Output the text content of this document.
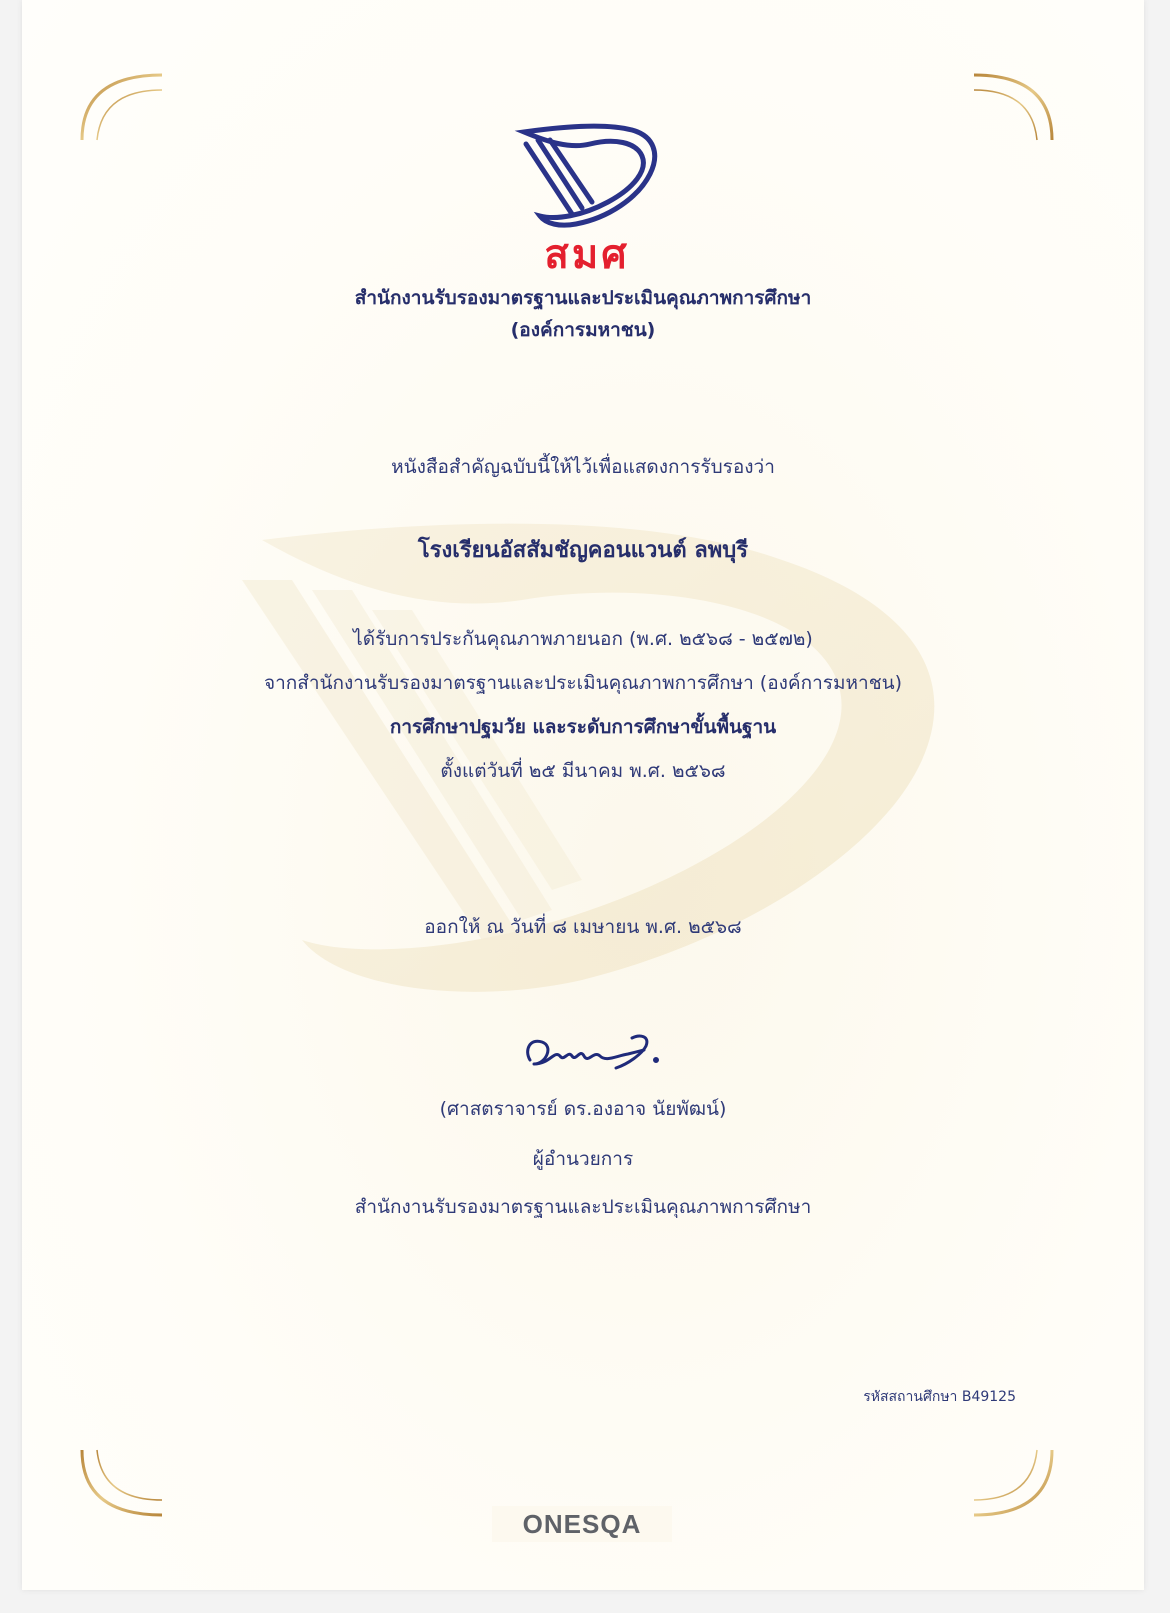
สมศ
สำนักงานรับรองมาตรฐานและประเมินคุณภาพการศึกษา
(องค์การมหาชน)
หนังสือสำคัญฉบับนี้ให้ไว้เพื่อแสดงการรับรองว่า
โรงเรียนอัสสัมชัญคอนแวนต์ ลพบุรี
ได้รับการประกันคุณภาพภายนอก (พ.ศ. ๒๕๖๘ - ๒๕๗๒)
จากสำนักงานรับรองมาตรฐานและประเมินคุณภาพการศึกษา (องค์การมหาชน)
การศึกษาปฐมวัย และระดับการศึกษาขั้นพื้นฐาน
ตั้งแต่วันที่ ๒๕ มีนาคม พ.ศ. ๒๕๖๘
ออกให้ ณ วันที่ ๘ เมษายน พ.ศ. ๒๕๖๘
(ศาสตราจารย์ ดร.องอาจ นัยพัฒน์)
ผู้อำนวยการ
สำนักงานรับรองมาตรฐานและประเมินคุณภาพการศึกษา
รหัสสถานศึกษา B49125
ONESQA
